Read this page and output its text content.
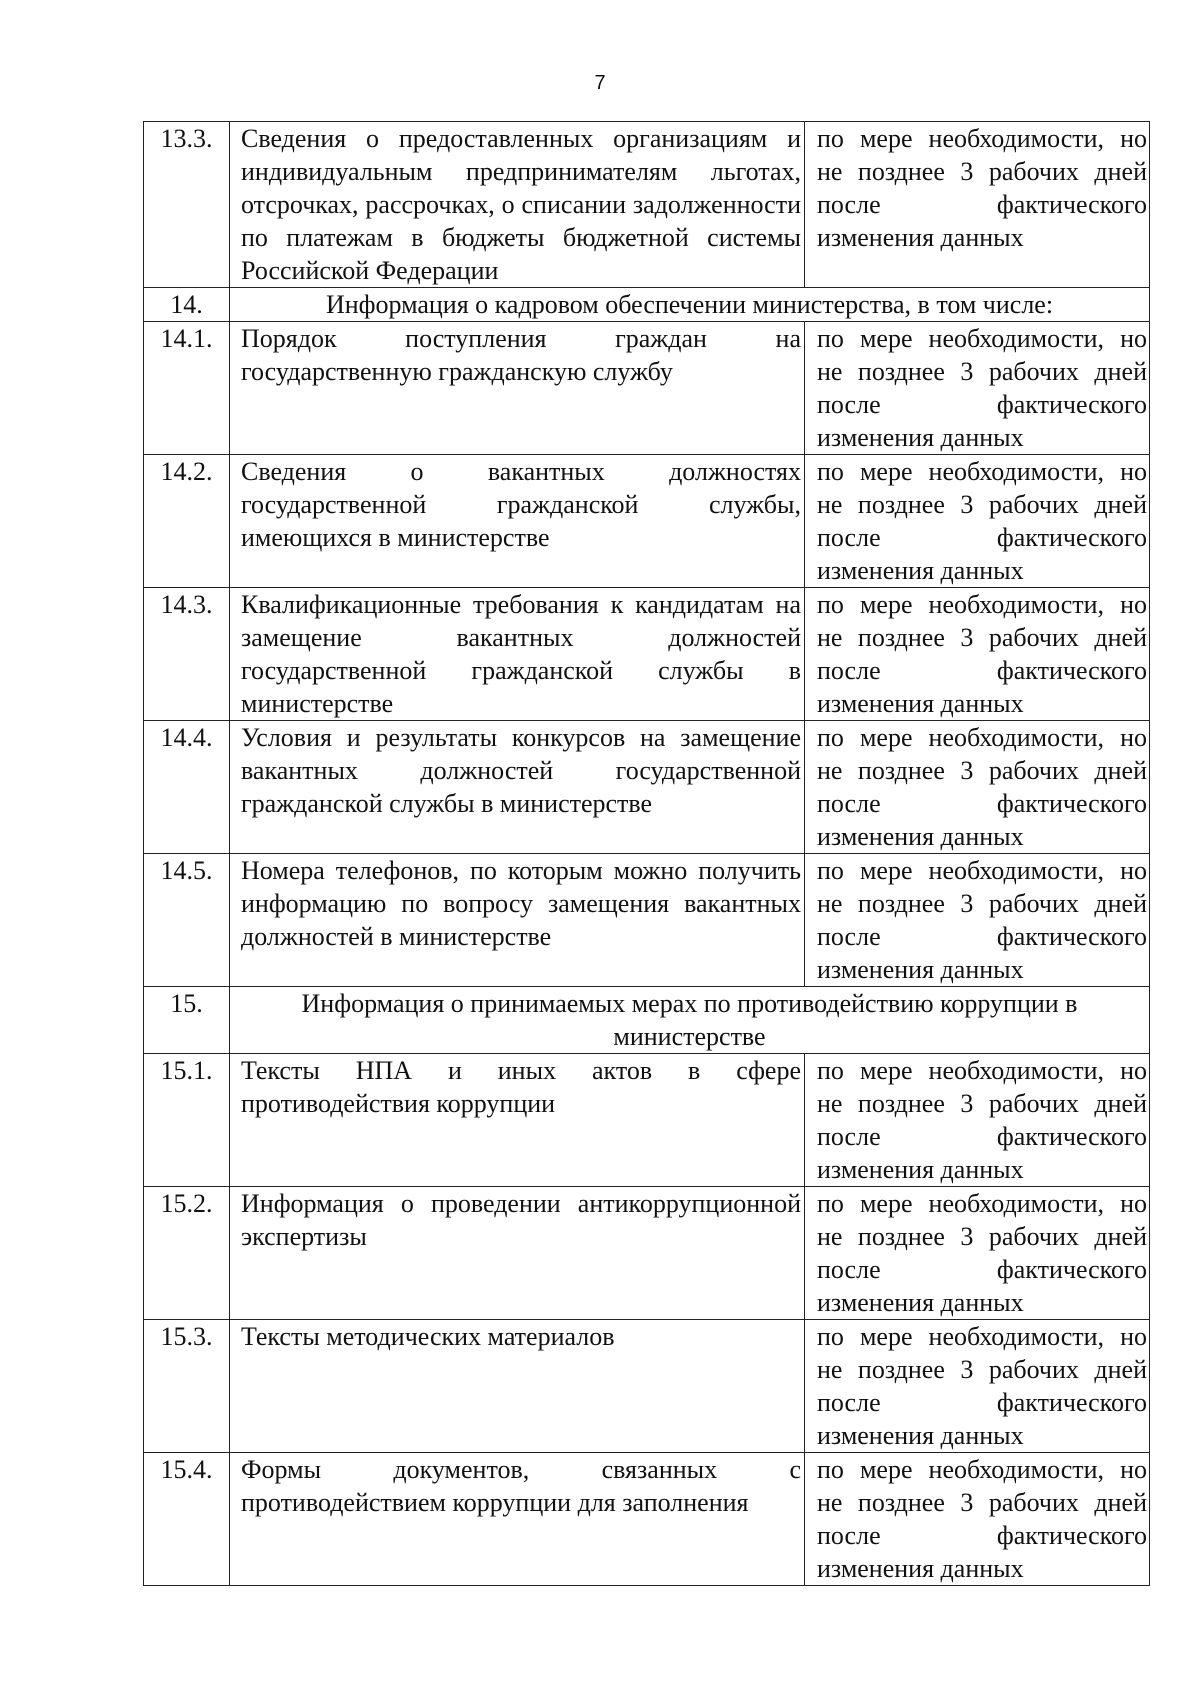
7
13.3.	Сведения о предоставленных организациям и индивидуальным предпринимателям льготах, отсрочках, рассрочках, о списании задолженности по платежам в бюджеты бюджетной системы Российской Федерации	по мере необходимости, но не позднее 3 рабочих дней после фактического изменения данных
14.	Информация о кадровом обеспечении министерства, в том числе:	
14.1.	Порядок поступления граждан на государственную гражданскую службу	по мере необходимости, но не позднее 3 рабочих дней после фактического изменения данных
14.2.	Сведения о вакантных должностях государственной гражданской службы, имеющихся в министерстве	по мере необходимости, но не позднее 3 рабочих дней после фактического изменения данных
14.3.	Квалификационные требования к кандидатам на замещение вакантных должностей государственной гражданской службы в министерстве	по мере необходимости, но не позднее 3 рабочих дней после фактического изменения данных
14.4.	Условия и результаты конкурсов на замещение вакантных должностей государственной гражданской службы в министерстве	по мере необходимости, но не позднее 3 рабочих дней после фактического изменения данных
14.5.	Номера телефонов, по которым можно получить информацию по вопросу замещения вакантных должностей в министерстве	по мере необходимости, но не позднее 3 рабочих дней после фактического изменения данных
15.	Информация о принимаемых мерах по противодействию коррупции в министерстве	
15.1.	Тексты НПА и иных актов в сфере противодействия коррупции	по мере необходимости, но не позднее 3 рабочих дней после фактического изменения данных
15.2.	Информация о проведении антикоррупционной экспертизы	по мере необходимости, но не позднее 3 рабочих дней после фактического изменения данных
15.3.	Тексты методических материалов	по мере необходимости, но не позднее 3 рабочих дней после фактического изменения данных
15.4.	Формы документов, связанных с противодействием коррупции для заполнения	по мере необходимости, но не позднее 3 рабочих дней после фактического изменения данных
